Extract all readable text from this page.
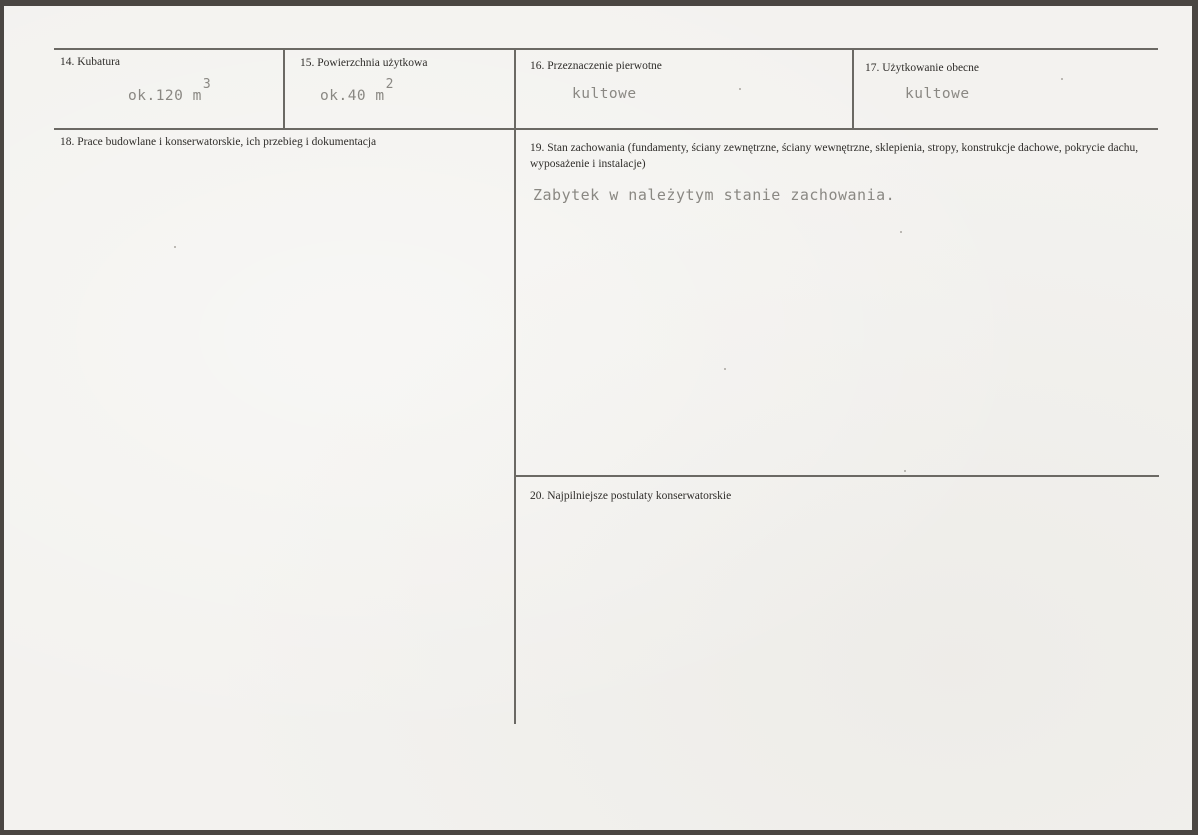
14. Kubatura
ok.120 m3
15. Powierzchnia użytkowa
ok.40 m2
16. Przeznaczenie pierwotne
kultowe
17. Użytkowanie obecne
kultowe
18. Prace budowlane i konserwatorskie, ich przebieg i dokumentacja	19. Stan zachowania (fundamenty, ściany zewnętrzne, ściany wewnętrzne, sklepienia, stropy, konstrukcje dachowe, pokrycie dachu, wyposażenie i instalacje)
Zabytek w należytym stanie zachowania.
20. Najpilniejsze postulaty konserwatorskie
